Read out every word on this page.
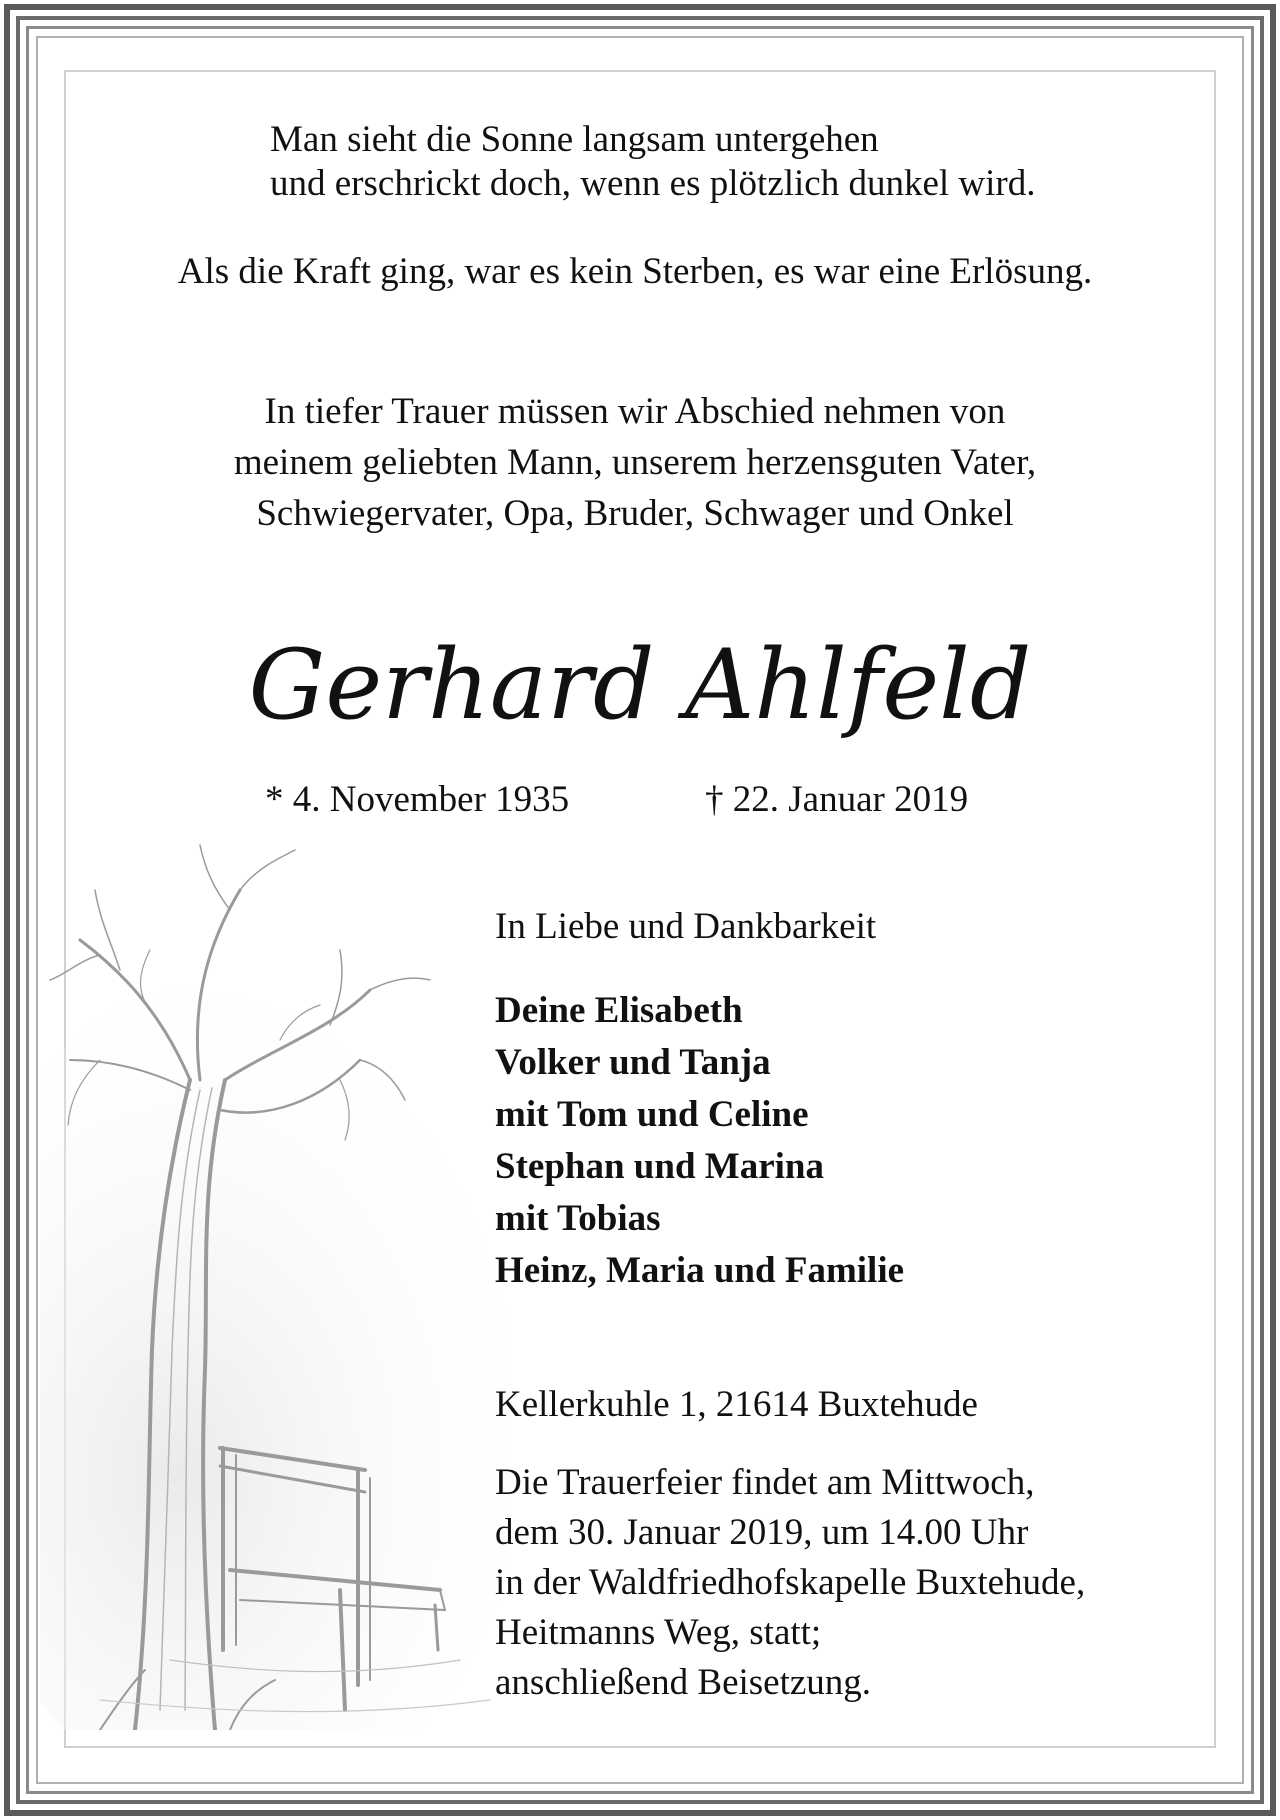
Man sieht die Sonne langsam untergehen
und erschrickt doch, wenn es plötzlich dunkel wird.
Als die Kraft ging, war es kein Sterben, es war eine Erlösung.
In tiefer Trauer müssen wir Abschied nehmen von
meinem geliebten Mann, unserem herzensguten Vater,
Schwiegervater, Opa, Bruder, Schwager und Onkel
Gerhard Ahlfeld
* 4. November 1935	† 22. Januar 2019
In Liebe und Dankbarkeit
Deine Elisabeth
Volker und Tanja
mit Tom und Celine
Stephan und Marina
mit Tobias
Heinz, Maria und Familie
Kellerkuhle 1, 21614 Buxtehude
Die Trauerfeier findet am Mittwoch,
dem 30. Januar 2019, um 14.00 Uhr
in der Waldfriedhofskapelle Buxtehude,
Heitmanns Weg, statt;
anschließend Beisetzung.
